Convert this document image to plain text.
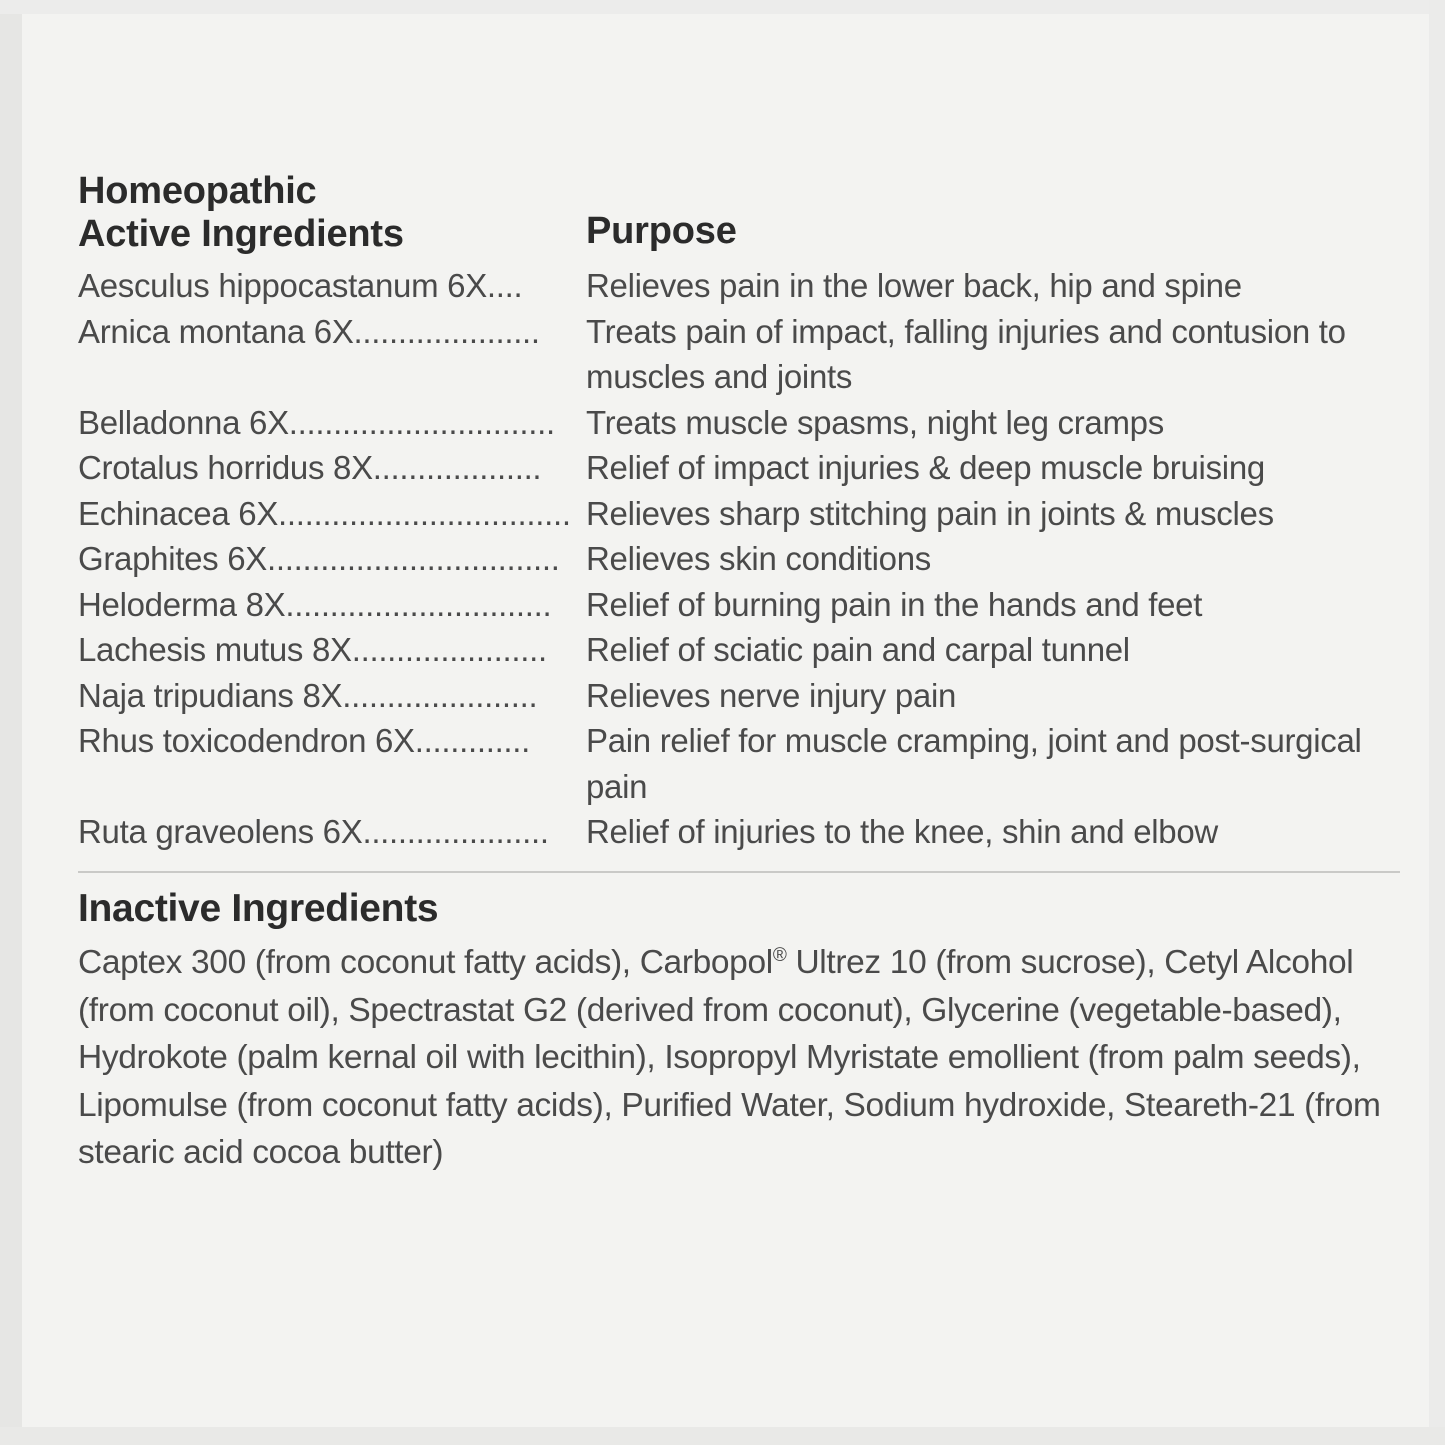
Homeopathic
Active Ingredients	Purpose
Aesculus hippocastanum 6X....	Relieves pain in the lower back, hip and spine
Arnica montana 6X.....................	Treats pain of impact, falling injuries and contusion to muscles and joints
Belladonna 6X..............................	Treats muscle spasms, night leg cramps
Crotalus horridus 8X...................	Relief of impact injuries & deep muscle bruising
Echinacea 6X.................................	Relieves sharp stitching pain in joints & muscles
Graphites 6X.................................	Relieves skin conditions
Heloderma 8X..............................	Relief of burning pain in the hands and feet
Lachesis mutus 8X......................	Relief of sciatic pain and carpal tunnel
Naja tripudians 8X......................	Relieves nerve injury pain
Rhus toxicodendron 6X.............	Pain relief for muscle cramping, joint and post-surgical pain
Ruta graveolens 6X.....................	Relief of injuries to the knee, shin and elbow
Inactive Ingredients
Captex 300 (from coconut fatty acids), Carbopol® Ultrez 10 (from sucrose), Cetyl Alcohol (from coconut oil), Spectrastat G2 (derived from coconut), Glycerine (vegetable-based), Hydrokote (palm kernal oil with lecithin), Isopropyl Myristate emollient (from palm seeds), Lipomulse (from coconut fatty acids), Purified Water, Sodium hydroxide, Steareth-21 (from stearic acid cocoa butter)
